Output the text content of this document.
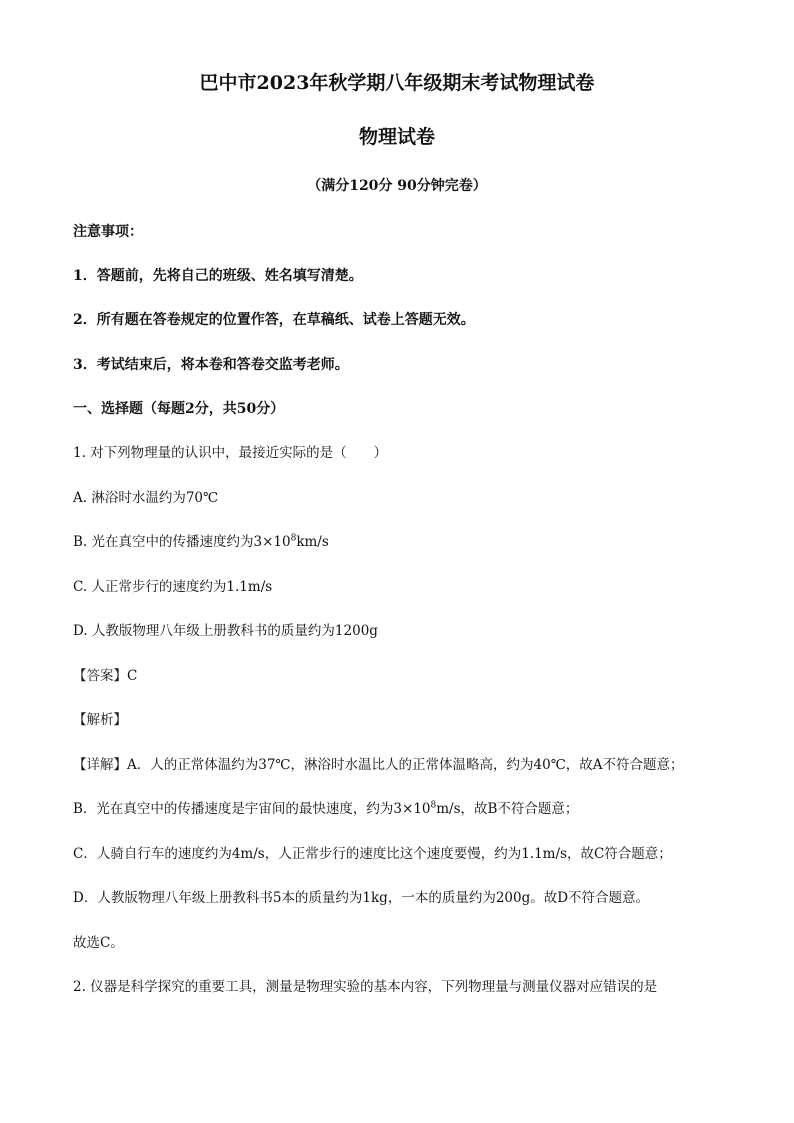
巴中市2023年秋学期八年级期末考试物理试卷
物理试卷
（满分120分 90分钟完卷）
注意事项：
1．答题前，先将自己的班级、姓名填写清楚。
2．所有题在答卷规定的位置作答，在草稿纸、试卷上答题无效。
3．考试结束后，将本卷和答卷交监考老师。
一、选择题（每题2分，共50分）
1. 对下列物理量的认识中，最接近实际的是（　　）
A. 淋浴时水温约为70℃
B. 光在真空中的传播速度约为$3\times 10^8km/s$
C. 人正常步行的速度约为1.1m/s
D. 人教版物理八年级上册教科书的质量约为1200g
【答案】C
【解析】
【详解】A．人的正常体温约为37℃，淋浴时水温比人的正常体温略高，约为40℃，故A不符合题意；
B．光在真空中的传播速度是宇宙间的最快速度，约为$3\times 10^8m/s$，故B不符合题意；
C．人骑自行车的速度约为4m/s，人正常步行的速度比这个速度要慢，约为1.1m/s，故C符合题意；
D．人教版物理八年级上册教科书5本的质量约为1kg，一本的质量约为200g。故D不符合题意。
故选C。
2. 仪器是科学探究的重要工具，测量是物理实验的基本内容，下列物理量与测量仪器对应错误的是
